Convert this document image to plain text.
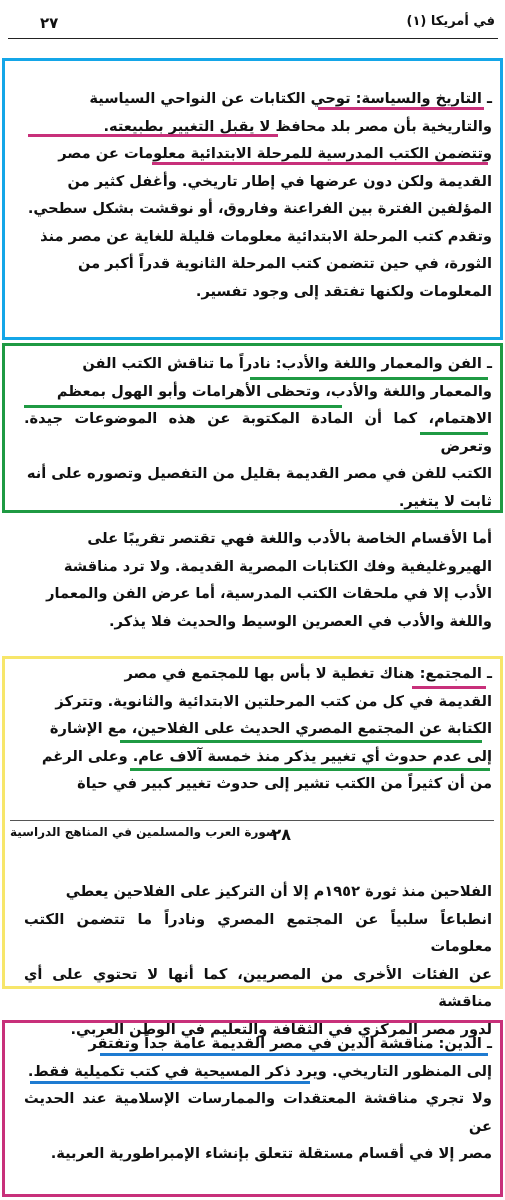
٢٧	في أمريكا (١)

ـ التاريخ والسياسة: توحي الكتابات عن النواحي السياسية

والتاريخية بأن مصر بلد محافظ لا يقبل التغيير بطبيعته.

وتتضمن الكتب المدرسية للمرحلة الابتدائية معلومات عن مصر

القديمة ولكن دون عرضها في إطار تاريخي. وأغفل كثير من

المؤلفين الفترة بين الفراعنة وفاروق، أو نوقشت بشكل سطحي.

وتقدم كتب المرحلة الابتدائية معلومات قليلة للغاية عن مصر منذ

الثورة، في حين تتضمن كتب المرحلة الثانوية قدراً أكبر من

المعلومات ولكنها تفتقد إلى وجود تفسير.

ـ الفن والمعمار واللغة والأدب: نادراً ما تناقش الكتب الفن

والمعمار واللغة والأدب، وتحظى الأهرامات وأبو الهول بمعظم

الاهتمام، كما أن المادة المكتوبة عن هذه الموضوعات جيدة. وتعرض

الكتب للفن في مصر القديمة بقليل من التفصيل وتصوره على أنه

ثابت لا يتغير.

أما الأقسام الخاصة بالأدب واللغة فهي تقتصر تقريبًا على

الهيروغليفية وفك الكتابات المصرية القديمة. ولا ترد مناقشة

الأدب إلا في ملحقات الكتب المدرسية، أما عرض الفن والمعمار

واللغة والأدب في العصرين الوسيط والحديث فلا يذكر.

ـ المجتمع: هناك تغطية لا بأس بها للمجتمع في مصر

القديمة في كل من كتب المرحلتين الابتدائية والثانوية. وتتركز

الكتابة عن المجتمع المصري الحديث على الفلاحين، مع الإشارة

إلى عدم حدوث أي تغيير يذكر منذ خمسة آلاف عام. وعلى الرغم

من أن كثيراً من الكتب تشير إلى حدوث تغيير كبير في حياة

٢٨
صورة العرب والمسلمين في المناهج الدراسية

الفلاحين منذ ثورة ١٩٥٢م إلا أن التركيز على الفلاحين يعطي

انطباعاً سلبياً عن المجتمع المصري ونادراً ما تتضمن الكتب معلومات

عن الفئات الأخرى من المصريين، كما أنها لا تحتوي على أي مناقشة

لدور مصر المركزي في الثقافة والتعليم في الوطن العربي.

ـ الدين: مناقشة الدين في مصر القديمة عامة جداً وتفتقر

إلى المنظور التاريخي. ويرد ذكر المسيحية في كتب تكميلية فقط.

ولا تجري مناقشة المعتقدات والممارسات الإسلامية عند الحديث عن

مصر إلا في أقسام مستقلة تتعلق بإنشاء الإمبراطورية العربية.
